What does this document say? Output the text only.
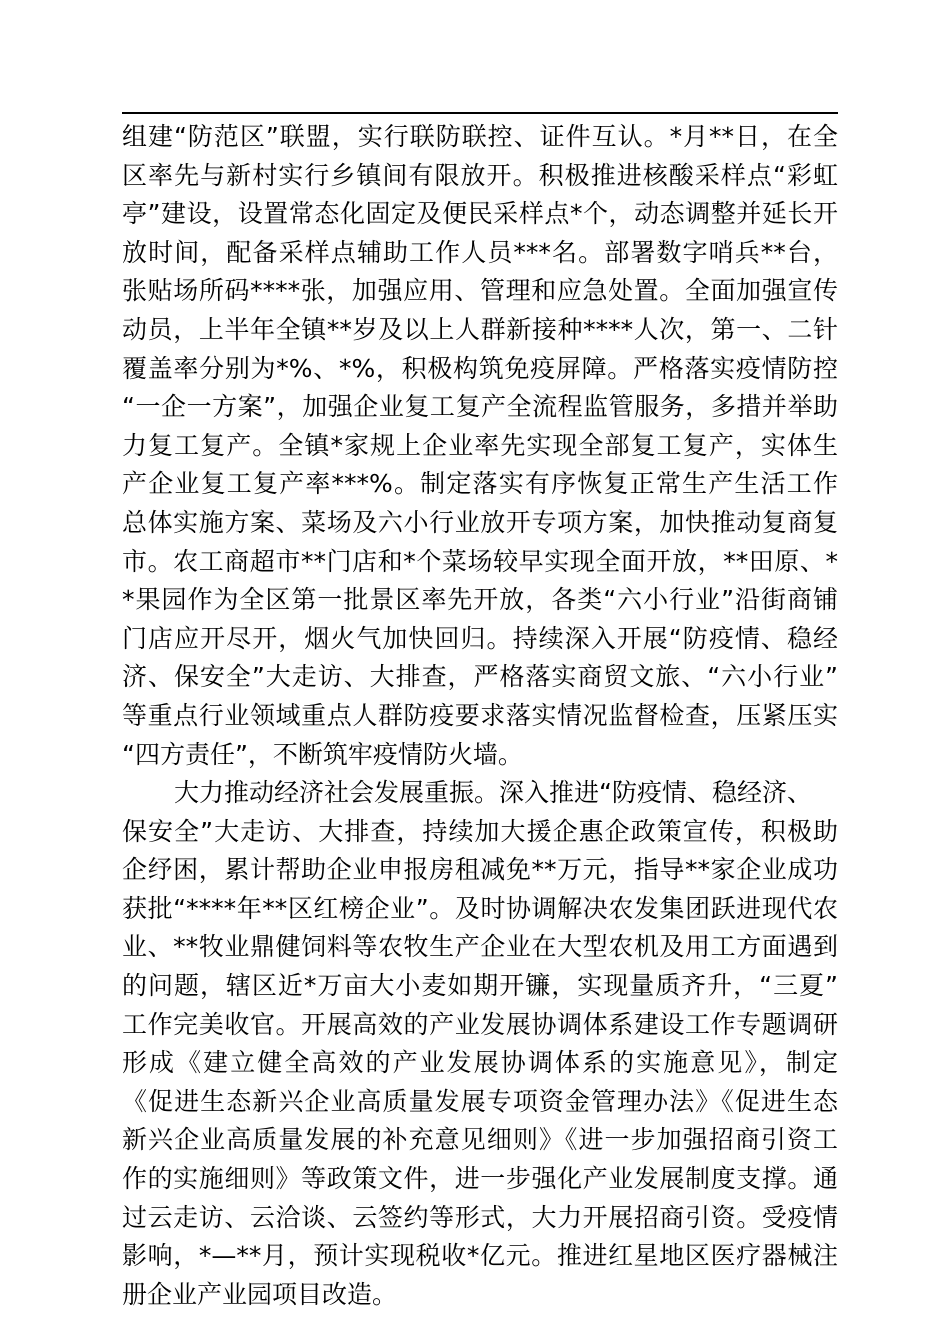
组建“防范区”联盟，实行联防联控、证件互认。*月**日，在全
区率先与新村实行乡镇间有限放开。积极推进核酸采样点“彩虹
亭”建设，设置常态化固定及便民采样点*个，动态调整并延长开
放时间，配备采样点辅助工作人员***名。部署数字哨兵**台，
张贴场所码****张，加强应用、管理和应急处置。全面加强宣传
动员，上半年全镇**岁及以上人群新接种****人次，第一、二针
覆盖率分别为*%、*%，积极构筑免疫屏障。严格落实疫情防控
“一企一方案”，加强企业复工复产全流程监管服务，多措并举助
力复工复产。全镇*家规上企业率先实现全部复工复产，实体生
产企业复工复产率***%。制定落实有序恢复正常生产生活工作
总体实施方案、菜场及六小行业放开专项方案，加快推动复商复
市。农工商超市**门店和*个菜场较早实现全面开放，**田原、*
*果园作为全区第一批景区率先开放，各类“六小行业”沿街商铺
门店应开尽开，烟火气加快回归。持续深入开展“防疫情、稳经
济、保安全”大走访、大排查，严格落实商贸文旅、“六小行业”
等重点行业领域重点人群防疫要求落实情况监督检查，压紧压实
“四方责任”，不断筑牢疫情防火墙。
大力推动经济社会发展重振。深入推进“防疫情、稳经济、
保安全”大走访、大排查，持续加大援企惠企政策宣传，积极助
企纾困，累计帮助企业申报房租减免**万元，指导**家企业成功
获批“****年**区红榜企业”。及时协调解决农发集团跃进现代农
业、**牧业鼎健饲料等农牧生产企业在大型农机及用工方面遇到
的问题，辖区近*万亩大小麦如期开镰，实现量质齐升，“三夏”
工作完美收官。开展高效的产业发展协调体系建设工作专题调研
形成《建立健全高效的产业发展协调体系的实施意见》，制定
《促进生态新兴企业高质量发展专项资金管理办法》《促进生态
新兴企业高质量发展的补充意见细则》《进一步加强招商引资工
作的实施细则》等政策文件，进一步强化产业发展制度支撑。通
过云走访、云洽谈、云签约等形式，大力开展招商引资。受疫情
影响，*—**月，预计实现税收*亿元。推进红星地区医疗器械注
册企业产业园项目改造。
